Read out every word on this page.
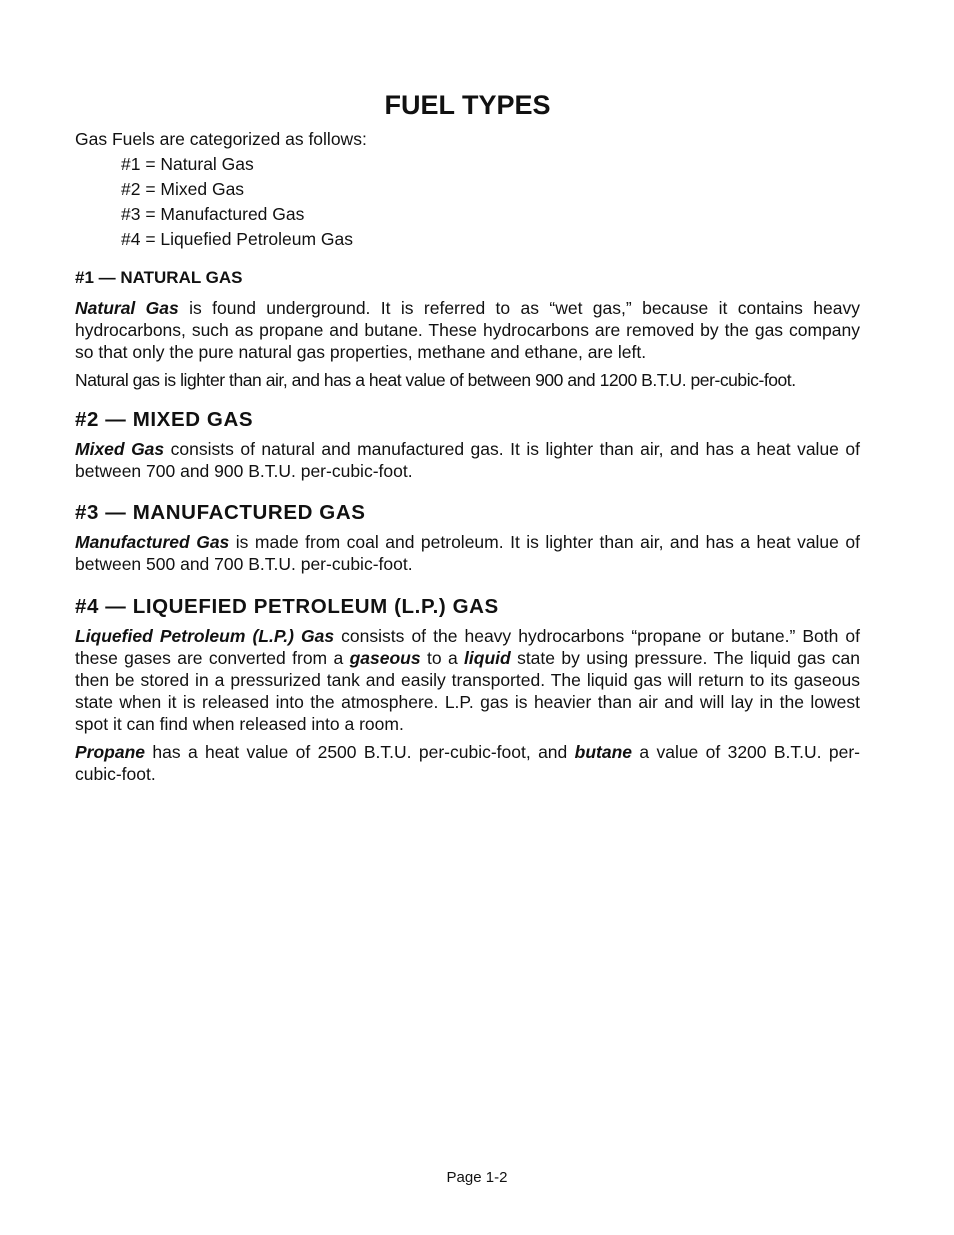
FUEL TYPES
Gas Fuels are categorized as follows:
#1 = Natural Gas
#2 = Mixed Gas
#3 = Manufactured Gas
#4 = Liquefied Petroleum Gas
#1 — NATURAL GAS

Natural Gas is found underground. It is referred to as “wet gas,” because it contains heavy hydrocarbons, such as propane and butane. These hydrocarbons are removed by the gas company so that only the pure natural gas properties, methane and ethane, are left.

Natural gas is lighter than air, and has a heat value of between 900 and 1200 B.T.U. per-cubic-foot.

#2 — MIXED GAS

Mixed Gas consists of natural and manufactured gas. It is lighter than air, and has a heat value of between 700 and 900 B.T.U. per-cubic-foot.

#3 — MANUFACTURED GAS

Manufactured Gas is made from coal and petroleum. It is lighter than air, and has a heat value of between 500 and 700 B.T.U. per-cubic-foot.

#4 — LIQUEFIED PETROLEUM (L.P.) GAS

Liquefied Petroleum (L.P.) Gas consists of the heavy hydrocarbons “propane or butane.” Both of these gases are converted from a gaseous to a liquid state by using pressure. The liquid gas can then be stored in a pressurized tank and easily transported. The liquid gas will return to its gaseous state when it is released into the atmosphere. L.P. gas is heavier than air and will lay in the lowest spot it can find when released into a room.

Propane has a heat value of 2500 B.T.U. per-cubic-foot, and butane a value of 3200 B.T.U. per-cubic-foot.

Page 1-2
